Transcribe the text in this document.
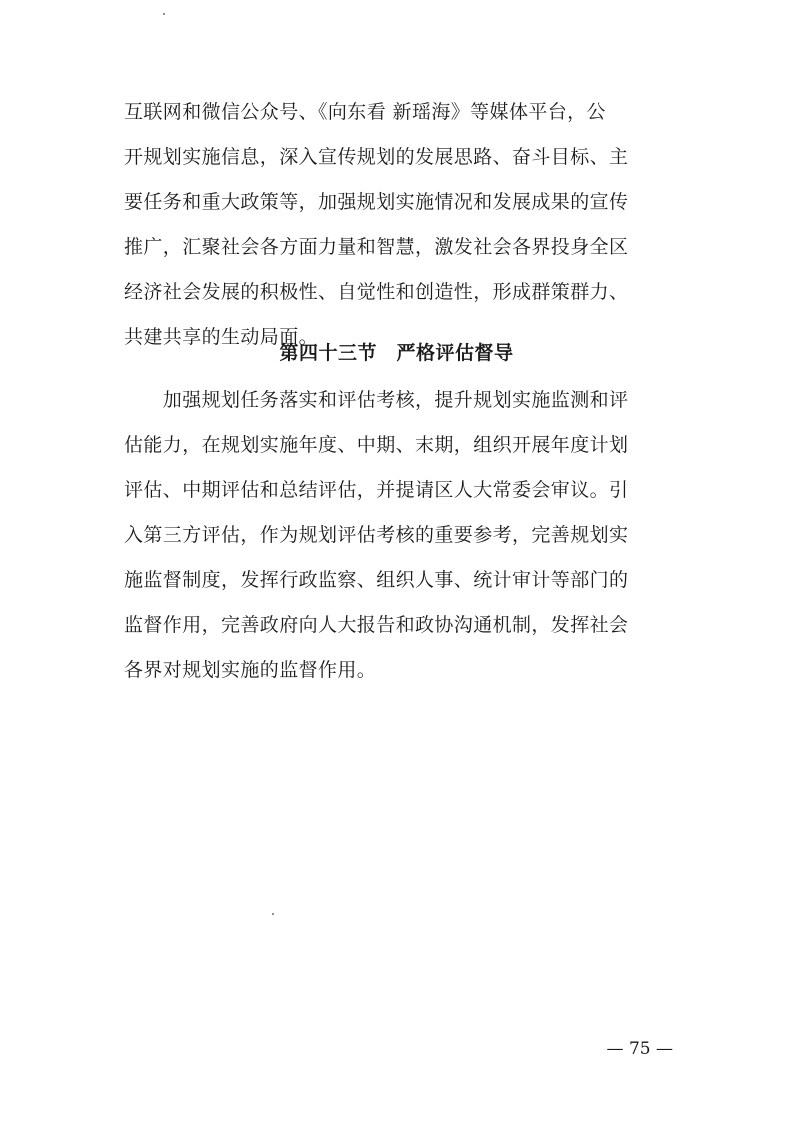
互联网和微信公众号、《向东看 新瑶海》等媒体平台，公
开规划实施信息，深入宣传规划的发展思路、奋斗目标、主
要任务和重大政策等，加强规划实施情况和发展成果的宣传
推广，汇聚社会各方面力量和智慧，激发社会各界投身全区
经济社会发展的积极性、自觉性和创造性，形成群策群力、
共建共享的生动局面。
第四十三节　严格评估督导
　　加强规划任务落实和评估考核，提升规划实施监测和评
估能力，在规划实施年度、中期、末期，组织开展年度计划
评估、中期评估和总结评估，并提请区人大常委会审议。引
入第三方评估，作为规划评估考核的重要参考，完善规划实
施监督制度，发挥行政监察、组织人事、统计审计等部门的
监督作用，完善政府向人大报告和政协沟通机制，发挥社会
各界对规划实施的监督作用。
— 75 —
